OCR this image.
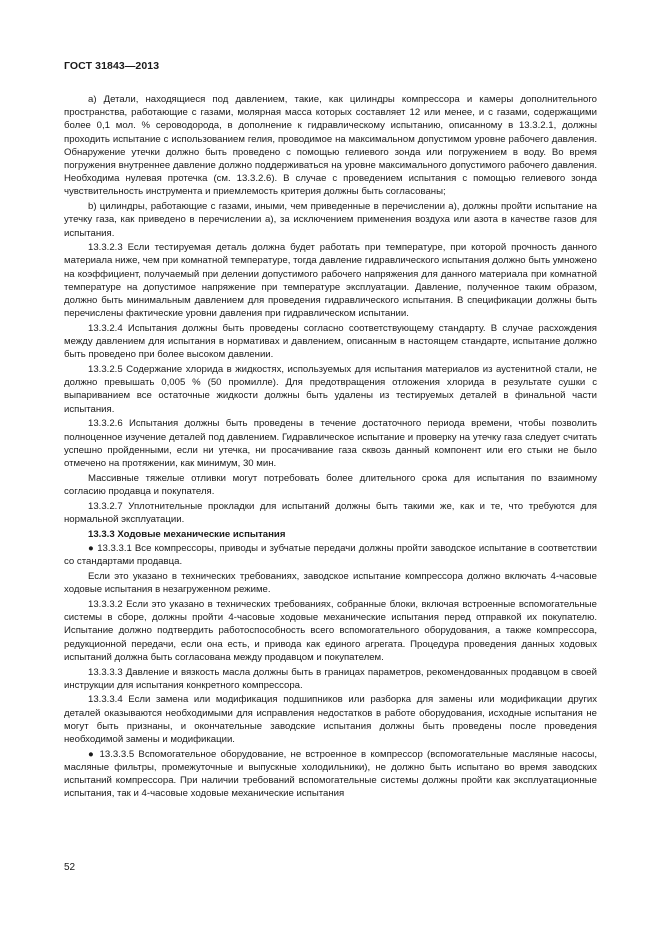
ГОСТ 31843—2013

а) Детали, находящиеся под давлением, такие, как цилиндры компрессора и камеры дополнительного пространства, работающие с газами, молярная масса которых составляет 12 или менее, и с газами, содержащими более 0,1 мол. % сероводорода, в дополнение к гидравлическому испытанию, описанному в 13.3.2.1, должны проходить испытание с использованием гелия, проводимое на максимальном допустимом уровне рабочего давления. Обнаружение утечки должно быть проведено с помощью гелиевого зонда или погружением в воду. Во время погружения внутреннее давление должно поддерживаться на уровне максимального допустимого рабочего давления. Необходима нулевая протечка (см. 13.3.2.6). В случае с проведением испытания с помощью гелиевого зонда чувствительность инструмента и приемлемость критерия должны быть согласованы;

b) цилиндры, работающие с газами, иными, чем приведенные в перечислении а), должны пройти испытание на утечку газа, как приведено в перечислении а), за исключением применения воздуха или азота в качестве газов для испытания.

13.3.2.3 Если тестируемая деталь должна будет работать при температуре, при которой прочность данного материала ниже, чем при комнатной температуре, тогда давление гидравлического испытания должно быть умножено на коэффициент, получаемый при делении допустимого рабочего напряжения для данного материала при комнатной температуре на допустимое напряжение при температуре эксплуатации. Давление, полученное таким образом, должно быть минимальным давлением для проведения гидравлического испытания. В спецификации должны быть перечислены фактические уровни давления при гидравлическом испытании.

13.3.2.4 Испытания должны быть проведены согласно соответствующему стандарту. В случае расхождения между давлением для испытания в нормативах и давлением, описанным в настоящем стандарте, испытание должно быть проведено при более высоком давлении.

13.3.2.5 Содержание хлорида в жидкостях, используемых для испытания материалов из аустенитной стали, не должно превышать 0,005 % (50 промилле). Для предотвращения отложения хлорида в результате сушки с выпариванием все остаточные жидкости должны быть удалены из тестируемых деталей в финальной части испытания.

13.3.2.6 Испытания должны быть проведены в течение достаточного периода времени, чтобы позволить полноценное изучение деталей под давлением. Гидравлическое испытание и проверку на утечку газа следует считать успешно пройденными, если ни утечка, ни просачивание газа сквозь данный компонент или его стыки не было отмечено на протяжении, как минимум, 30 мин.

Массивные тяжелые отливки могут потребовать более длительного срока для испытания по взаимному согласию продавца и покупателя.

13.3.2.7 Уплотнительные прокладки для испытаний должны быть такими же, как и те, что требуются для нормальной эксплуатации.

13.3.3 Ходовые механические испытания

● 13.3.3.1 Все компрессоры, приводы и зубчатые передачи должны пройти заводское испытание в соответствии со стандартами продавца.

Если это указано в технических требованиях, заводское испытание компрессора должно включать 4-часовые ходовые испытания в незагруженном режиме.

13.3.3.2 Если это указано в технических требованиях, собранные блоки, включая встроенные вспомогательные системы в сборе, должны пройти 4-часовые ходовые механические испытания перед отправкой их покупателю. Испытание должно подтвердить работоспособность всего вспомогательного оборудования, а также компрессора, редукционной передачи, если она есть, и привода как единого агрегата. Процедура проведения данных ходовых испытаний должна быть согласована между продавцом и покупателем.

13.3.3.3 Давление и вязкость масла должны быть в границах параметров, рекомендованных продавцом в своей инструкции для испытания конкретного компрессора.

13.3.3.4 Если замена или модификация подшипников или разборка для замены или модификации других деталей оказываются необходимыми для исправления недостатков в работе оборудования, исходные испытания не могут быть признаны, и окончательные заводские испытания должны быть проведены после проведения необходимой замены и модификации.

● 13.3.3.5 Вспомогательное оборудование, не встроенное в компрессор (вспомогательные масляные насосы, масляные фильтры, промежуточные и выпускные холодильники), не должно быть испытано во время заводских испытаний компрессора. При наличии требований вспомогательные системы должны пройти как эксплуатационные испытания, так и 4-часовые ходовые механические испытания

52
